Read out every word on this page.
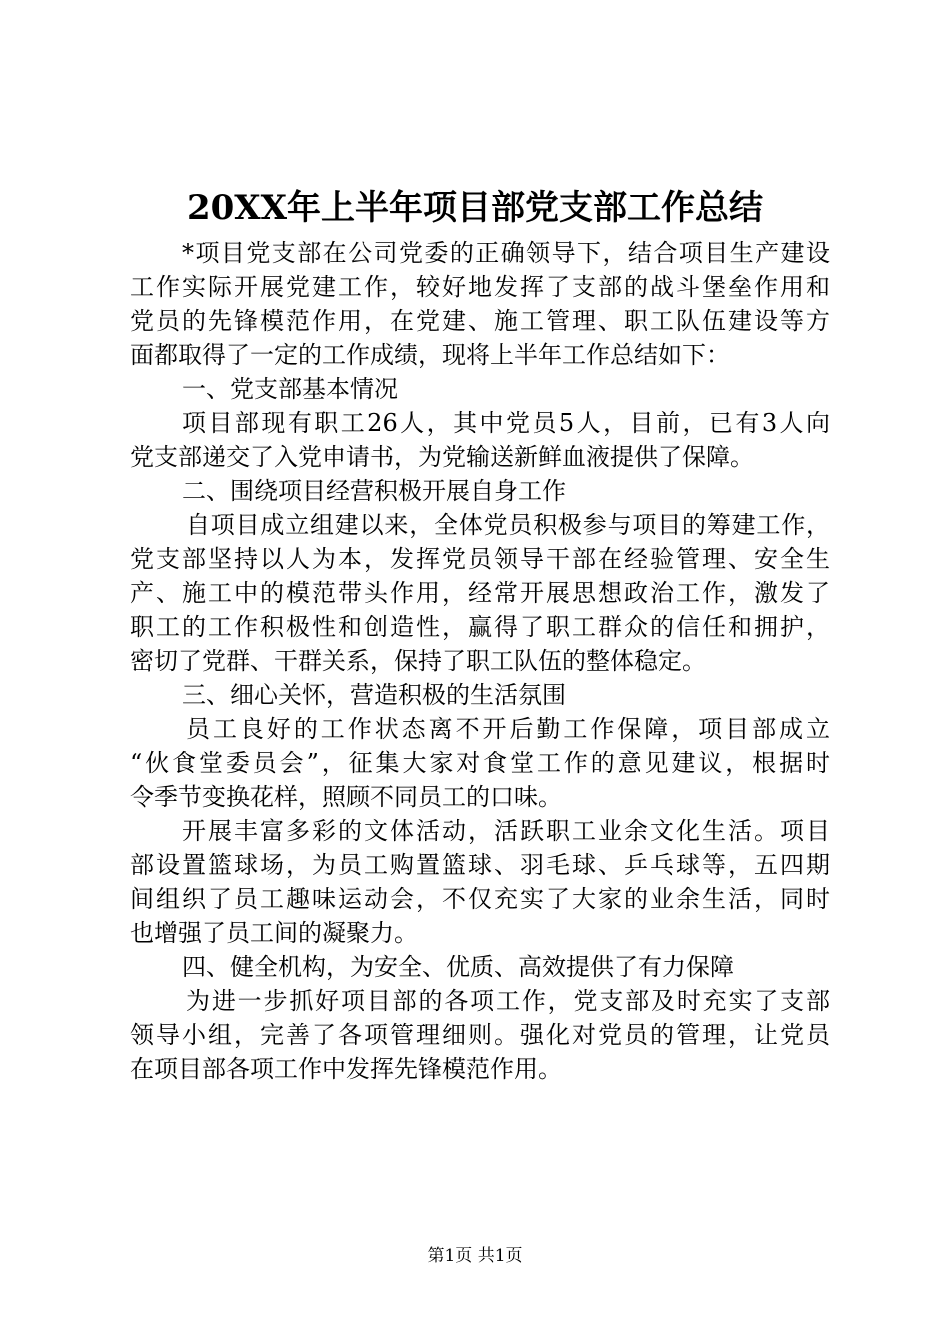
20XX年上半年项目部党支部工作总结
*项目党支部在公司党委的正确领导下，结合项目生产建设
工作实际开展党建工作，较好地发挥了支部的战斗堡垒作用和
党员的先锋模范作用，在党建、施工管理、职工队伍建设等方
面都取得了一定的工作成绩，现将上半年工作总结如下：
一、党支部基本情况
项目部现有职工26人，其中党员5人，目前，已有3人向
党支部递交了入党申请书，为党输送新鲜血液提供了保障。
二、围绕项目经营积极开展自身工作
自项目成立组建以来，全体党员积极参与项目的筹建工作，
党支部坚持以人为本，发挥党员领导干部在经验管理、安全生
产、施工中的模范带头作用，经常开展思想政治工作，激发了
职工的工作积极性和创造性，赢得了职工群众的信任和拥护，
密切了党群、干群关系，保持了职工队伍的整体稳定。
三、细心关怀，营造积极的生活氛围
员工良好的工作状态离不开后勤工作保障，项目部成立
“伙食堂委员会”，征集大家对食堂工作的意见建议，根据时
令季节变换花样，照顾不同员工的口味。
开展丰富多彩的文体活动，活跃职工业余文化生活。项目
部设置篮球场，为员工购置篮球、羽毛球、乒乓球等，五四期
间组织了员工趣味运动会，不仅充实了大家的业余生活，同时
也增强了员工间的凝聚力。
四、健全机构，为安全、优质、高效提供了有力保障
为进一步抓好项目部的各项工作，党支部及时充实了支部
领导小组，完善了各项管理细则。强化对党员的管理，让党员
在项目部各项工作中发挥先锋模范作用。
第1页 共1页
